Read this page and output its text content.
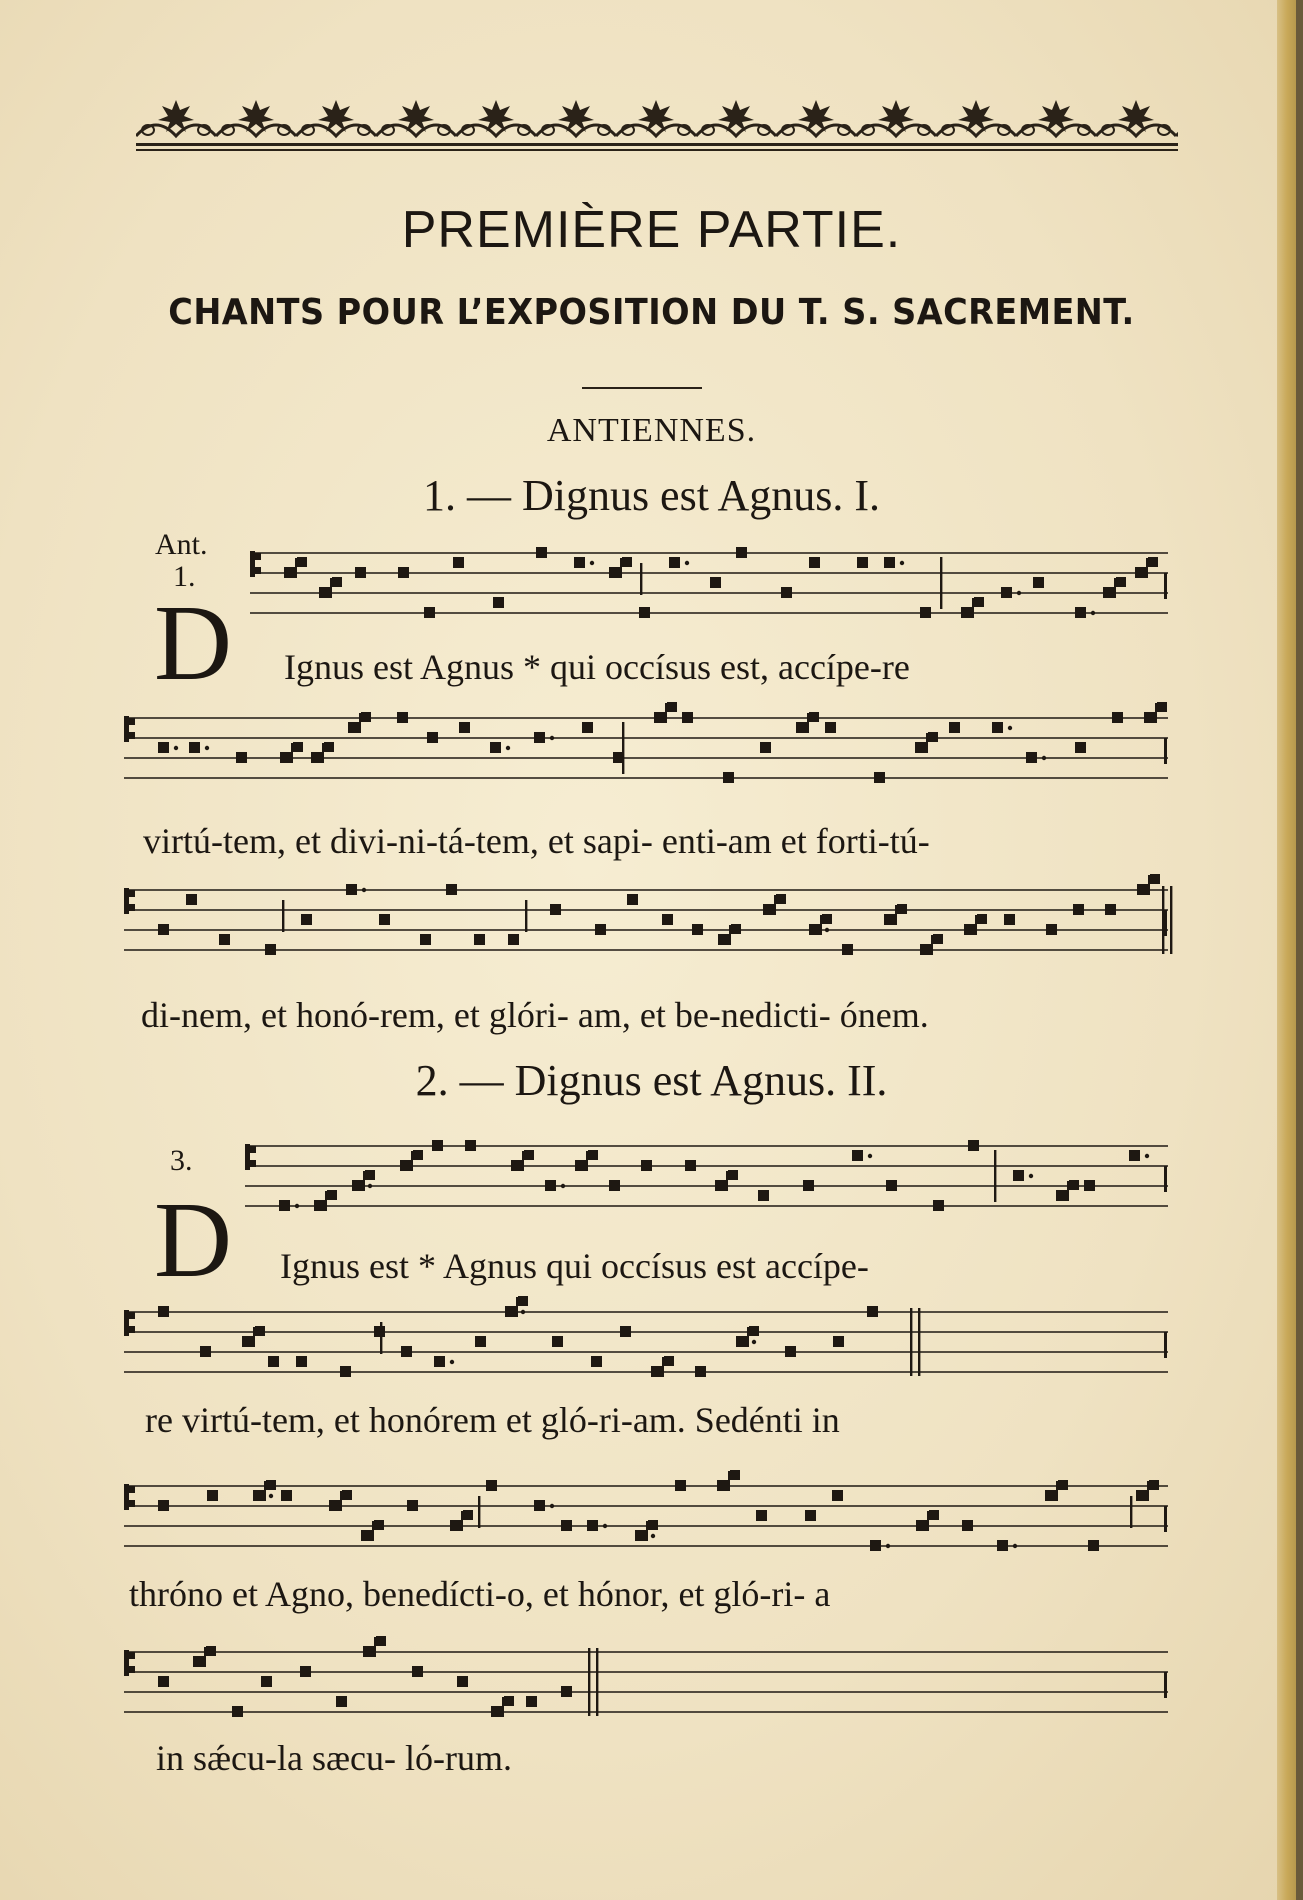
PREMIÈRE PARTIE.
CHANTS POUR L’EXPOSITION DU T. S. SACREMENT.
ANTIENNES.
1. — Dignus est Agnus. I.
2. — Dignus est Agnus. II.
Ant.
1.
D
3.
D
Ignus est Agnus * qui occísus est, accípe-re
virtú-tem, et divi-ni-tá-tem, et sapi- enti-am et forti-tú-
di-nem, et honó-rem, et glóri- am, et be-nedicti- ónem.
Ignus est * Agnus qui occísus est accípe-
re virtú-tem, et honórem et gló-ri-am. Sedénti in
thróno et Agno, benedícti-o, et hónor, et gló-ri- a
in sǽcu-la sæcu- ló-rum.
